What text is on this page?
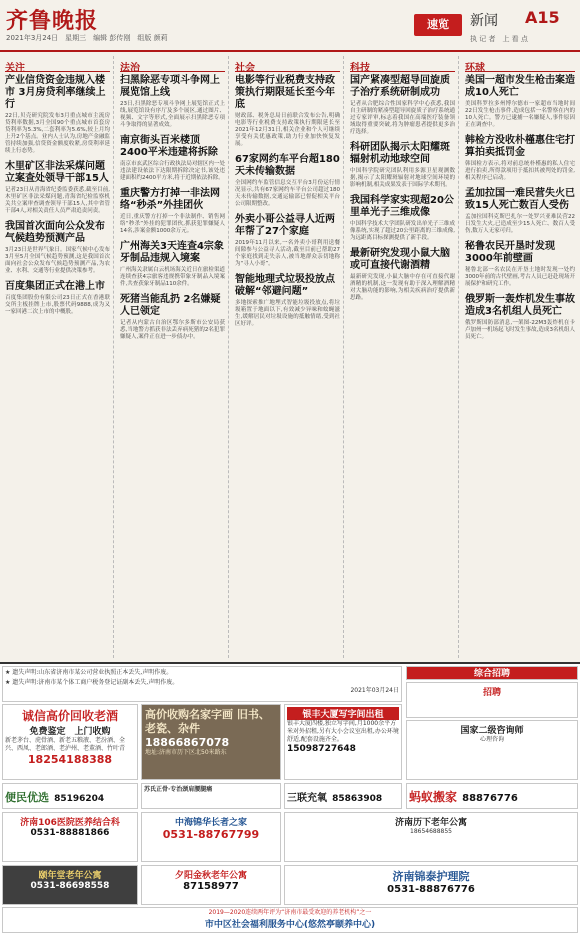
齐鲁晚报
2021年3月24日　星期三　编辑 彭传刚　组版 颜莉
速览	新闻 A15
执 记 者　上 看 点
关注
产业信贷资金违规入楼市 3月房贷利率继续上行
22日,贝壳研究院发布3月重点城市主流房贷利率数据,3月全国90个重点城市首套房贷利率为5.3%,二套利率为5.6%,较上月均上升2个基点。业内人士认为,房地产金融监管持续加强,信贷资金额度收紧,房贷利率延续上行态势。
木里矿区非法采煤问题立案查处领导干部15人
记者23日从青海省纪委监委获悉,截至目前,木里矿区非法采煤问题,青海省纪检监察机关共立案审查调查领导干部15人,其中省管干部4人,对相关责任人员严肃追责问责。
我国首次面向公众发布气候趋势预测产品
3月23日是世界气象日。国家气候中心发布3月至5月全国气候趋势预测,这是我国首次面向社会公众发布气候趋势预测产品,为农业、水利、交通等行业提供决策参考。
百度集团正式在港上市
百度集团股份有限公司23日正式在香港联交所主板挂牌上市,股票代码9888,成为又一家回港二次上市的中概股。
法治
扫黑除恶专项斗争网上展览馆上线
23日,扫黑除恶专项斗争网上展览馆正式上线,展览馆设有序厅及多个展区,通过图片、视频、文字等形式,全面展示扫黑除恶专项斗争取得的显著成效。
南京街头百米楼顶2400平米违建将拆除
南京市玄武区综合行政执法局对辖区内一处违法建设依法下达限期拆除决定书,该处违建面积约2400平方米,将于近期依法拆除。
重庆警方打掉一非法网络“秒杀”外挂团伙
近日,重庆警方打掉一个非法制作、销售网络“秒杀”外挂的犯罪团伙,抓获犯罪嫌疑人14名,涉案金额1000余万元。
广州海关3天连查4宗象牙制品违规入境案
广州海关隶属白云机场海关近日在旅检渠道连续查获4宗旅客违规携带象牙制品入境案件,共查获象牙制品110余件。
死猪当能乱扔 2名嫌疑人已领定
记者从内蒙古自治区鄂尔多斯市公安局获悉,当地警方抓获非法丢弃病死猪的2名犯罪嫌疑人,案件正在进一步侦办中。
社会
电影等行业税费支持政策执行期限延长至今年底
财政部、税务总局日前联合发布公告,明确电影等行业税费支持政策执行期限延长至2021年12月31日,相关企业和个人可继续享受有关优惠政策,助力行业加快恢复发展。
67家网约车平台超180天未传输数据
全国网约车监管信息交互平台3月份运行情况显示,共有67家网约车平台公司超过180天未传输数据,交通运输部已督促相关平台公司限期整改。
外卖小哥公益寻人近两年帮了27个家庭
2019年11月以来,一名外卖小哥利用送餐间隙参与公益寻人活动,截至目前已帮助27个家庭找到走失亲人,被当地群众亲切地称为“寻人小哥”。
智能地理式垃圾投放点破解“邻避问题”
多地探索推广地埋式智能垃圾投放点,将垃圾箱置于地面以下,有效减少异味和蚊蝇滋生,缓解居民对垃圾设施的抵触情绪,受到社区好评。
科技
国产紧凑型超导回旋质子治疗系统研制成功
记者从合肥综合性国家科学中心获悉,我国自主研制的紧凑型超导回旋质子治疗系统通过专家评审,标志着我国在高端医疗装备领域取得重要突破,将为肿瘤患者提供更多治疗选择。
科研团队揭示太阳耀斑辐射机动地球空间
中国科学院研究团队利用多源卫星观测数据,揭示了太阳耀斑辐射对地球空间环境的影响机制,相关成果发表于国际学术期刊。
我国科学家实现超20公里单光子三维成像
中国科学技术大学团队研发出单光子三维成像系统,实现了超过20公里距离的三维成像,为远距离目标探测提供了新手段。
最新研究发现小鼠大脑或可直接代谢酒精
最新研究发现,小鼠大脑中存在可直接代谢酒精的机制,这一发现有助于深入理解酒精对大脑功能的影响,为相关疾病治疗提供新思路。
环球
美国一超市发生枪击案造成10人死亡
美国科罗拉多州博尔德市一家超市当地时间22日发生枪击事件,造成包括一名警察在内的10人死亡。警方已逮捕一名嫌疑人,事件原因正在调查中。
韩检方没收朴槿惠住宅打算拍卖抵罚金
韩国检方表示,将对前总统朴槿惠的私人住宅进行拍卖,所得款项用于抵扣其被判处的罚金,相关程序已启动。
孟加拉国一难民营失火已致15人死亡数百人受伤
孟加拉国科克斯巴扎尔一处罗兴亚难民营22日发生大火,已造成至少15人死亡、数百人受伤,数万人无家可归。
秘鲁农民开垦时发现3000年前壁画
秘鲁北部一名农民在开垦土地时发现一处约3000年前的古代壁画,考古人员已赶赴现场开展保护和研究工作。
俄罗斯一轰炸机发生事故造成3名机组人员死亡
俄罗斯国防部消息,一架图-22M3轰炸机在卡卢加州一机场起飞时发生事故,造成3名机组人员死亡。
★ 遗失声明:山东省济南市某公司营业执照正本丢失,声明作废。
★ 遗失声明:济南市某个体工商户税务登记证副本丢失,声明作废。
2021年03月24日
综合招聘
招聘
诚信高价回收老酒
免费鉴定　上门收购
新老茅台、虎骨酒、新老五粮液、老汾酒、全兴、西凤、老郎酒、老泸州、老董酒、竹叶青
18254188388
高价收购名家字画 旧书、老瓷、杂件
18866867078
地址:济南市历下区北50米路东
银丰大厦写字间出租
银丰大厦四楼,独立写字间,月1000余平方米对外招租,另有大小会议室出租,办公环境舒适,配套设施齐全。
15098727648
国家二级咨询师
心理咨询
便民优选 85196204
苏氏正骨·专治颈肩腰腿痛
三联充氧 85863908	蚂蚁搬家 88876776
济南106医院医养结合科
0531-88881866
中海锦华长者之家
0531-88767799
济南历下老年公寓
18654688855
颐年堂老年公寓
0531-86698558
夕阳金秋老年公寓
87158977
济南锦泰护理院
0531-88876776
2019—2020连续两年评为“济南市最受欢迎的养老机构”之一
市中区社会福利服务中心(悠然亭颐养中心)
